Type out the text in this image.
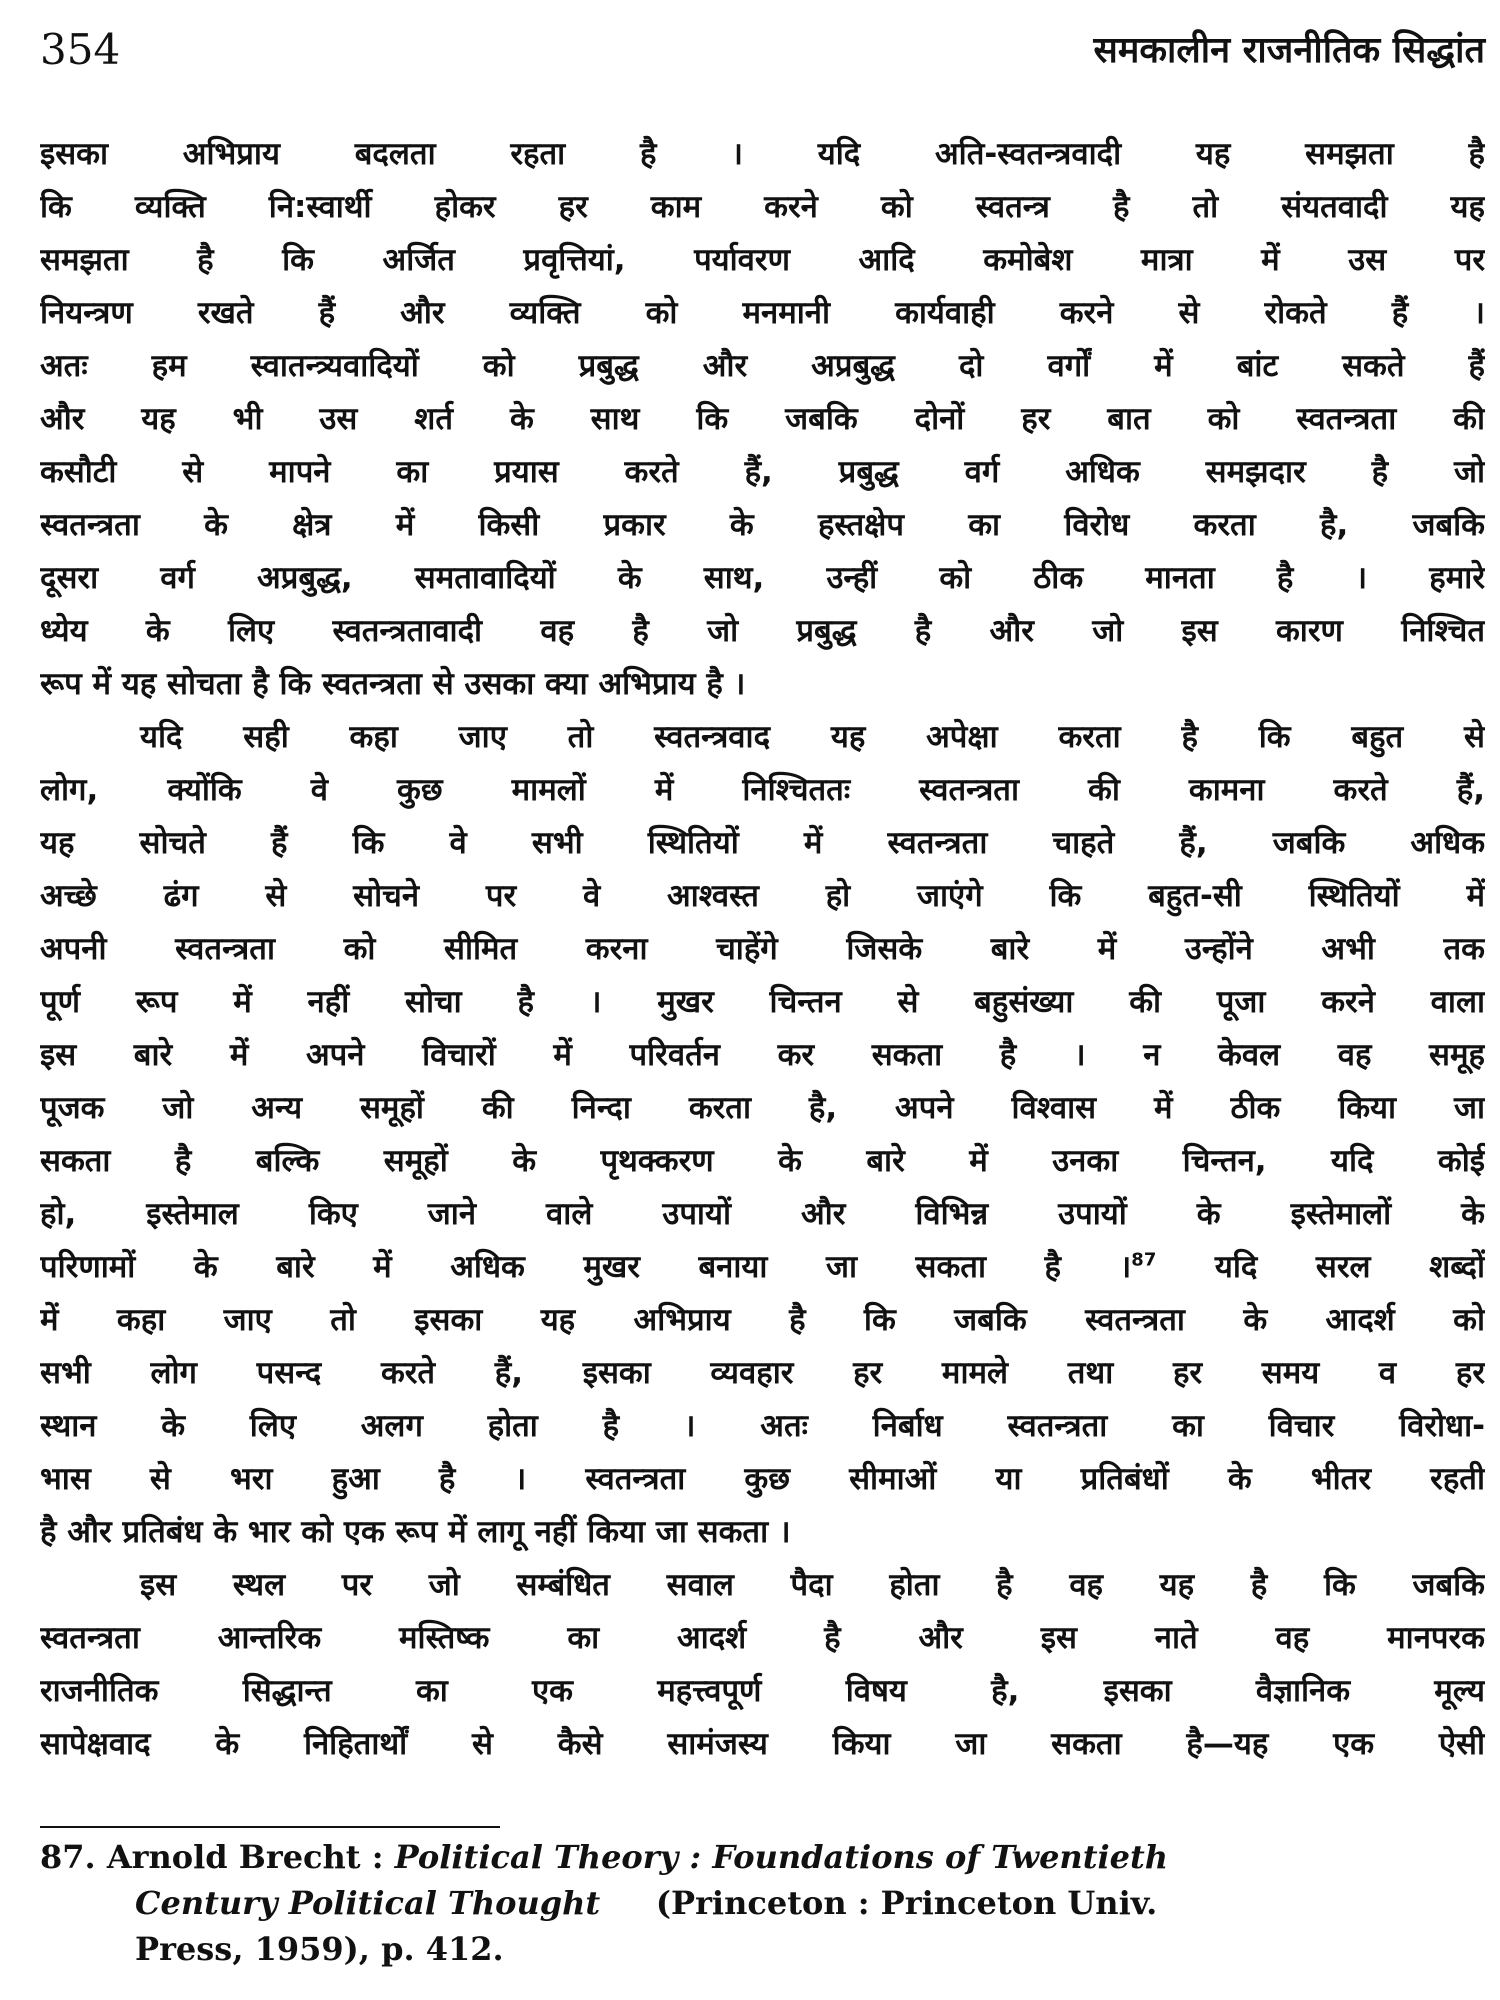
354	समकालीन राजनीतिक सिद्धांत
इसका अभिप्राय बदलता रहता है । यदि अति-स्वतन्त्रवादी यह समझता है
कि व्यक्ति नि:स्वार्थी होकर हर काम करने को स्वतन्त्र है तो संयतवादी यह
समझता है कि अर्जित प्रवृत्तियां, पर्यावरण आदि कमोबेश मात्रा में उस पर
नियन्त्रण रखते हैं और व्यक्ति को मनमानी कार्यवाही करने से रोकते हैं ।
अतः हम स्वातन्त्र्यवादियों को प्रबुद्ध और अप्रबुद्ध दो वर्गों में बांट सकते हैं
और यह भी उस शर्त के साथ कि जबकि दोनों हर बात को स्वतन्त्रता की
कसौटी से मापने का प्रयास करते हैं, प्रबुद्ध वर्ग अधिक समझदार है जो
स्वतन्त्रता के क्षेत्र में किसी प्रकार के हस्तक्षेप का विरोध करता है, जबकि
दूसरा वर्ग अप्रबुद्ध, समतावादियों के साथ, उन्हीं को ठीक मानता है । हमारे
ध्येय के लिए स्वतन्त्रतावादी वह है जो प्रबुद्ध है और जो इस कारण निश्चित
रूप में यह सोचता है कि स्वतन्त्रता से उसका क्या अभिप्राय है ।
यदि सही कहा जाए तो स्वतन्त्रवाद यह अपेक्षा करता है कि बहुत से
लोग, क्योंकि वे कुछ मामलों में निश्चिततः स्वतन्त्रता की कामना करते हैं,
यह सोचते हैं कि वे सभी स्थितियों में स्वतन्त्रता चाहते हैं, जबकि अधिक
अच्छे ढंग से सोचने पर वे आश्वस्त हो जाएंगे कि बहुत-सी स्थितियों में
अपनी स्वतन्त्रता को सीमित करना चाहेंगे जिसके बारे में उन्होंने अभी तक
पूर्ण रूप में नहीं सोचा है । मुखर चिन्तन से बहुसंख्या की पूजा करने वाला
इस बारे में अपने विचारों में परिवर्तन कर सकता है । न केवल वह समूह
पूजक जो अन्य समूहों की निन्दा करता है, अपने विश्वास में ठीक किया जा
सकता है बल्कि समूहों के पृथक्करण के बारे में उनका चिन्तन, यदि कोई
हो, इस्तेमाल किए जाने वाले उपायों और विभिन्न उपायों के इस्तेमालों के
परिणामों के बारे में अधिक मुखर बनाया जा सकता है ।$^{87}$ यदि सरल शब्दों
में कहा जाए तो इसका यह अभिप्राय है कि जबकि स्वतन्त्रता के आदर्श को
सभी लोग पसन्द करते हैं, इसका व्यवहार हर मामले तथा हर समय व हर
स्थान के लिए अलग होता है । अतः निर्बाध स्वतन्त्रता का विचार विरोधा-
भास से भरा हुआ है । स्वतन्त्रता कुछ सीमाओं या प्रतिबंधों के भीतर रहती
है और प्रतिबंध के भार को एक रूप में लागू नहीं किया जा सकता ।
इस स्थल पर जो सम्बंधित सवाल पैदा होता है वह यह है कि जबकि
स्वतन्त्रता आन्तरिक मस्तिष्क का आदर्श है और इस नाते वह मानपरक
राजनीतिक सिद्धान्त का एक महत्त्वपूर्ण विषय है, इसका वैज्ञानिक मूल्य
सापेक्षवाद के निहितार्थों से कैसे सामंजस्य किया जा सकता है—यह एक ऐसी
87. Arnold Brecht : Political Theory : Foundations of Twentieth
Century Political Thought (Princeton : Princeton Univ.
Press, 1959), p. 412.
